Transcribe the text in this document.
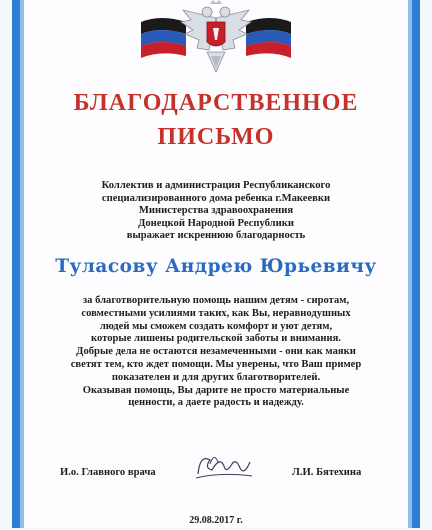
БЛАГОДАРСТВЕННОЕ
ПИСЬМО
Коллектив и администрация Республиканского
специализированного дома ребенка г.Макеевки
Министерства здравоохранения
Донецкой Народной Республики
выражает искреннюю благодарность
Туласову Андрею Юрьевичу
за благотворительную помощь нашим детям - сиротам,
совместными усилиями таких, как Вы, неравнодушных
людей мы сможем создать комфорт и уют детям,
которые лишены родительской заботы и внимания.
Добрые дела не остаются незамеченными - они как маяки
светят тем, кто ждет помощи. Мы уверены, что Ваш пример
показателен и для других благотворителей.
Оказывая помощь, Вы дарите не просто материальные
ценности, а даете радость и надежду.
И.о. Главного врача	Л.И. Бятехина
29.08.2017 г.
